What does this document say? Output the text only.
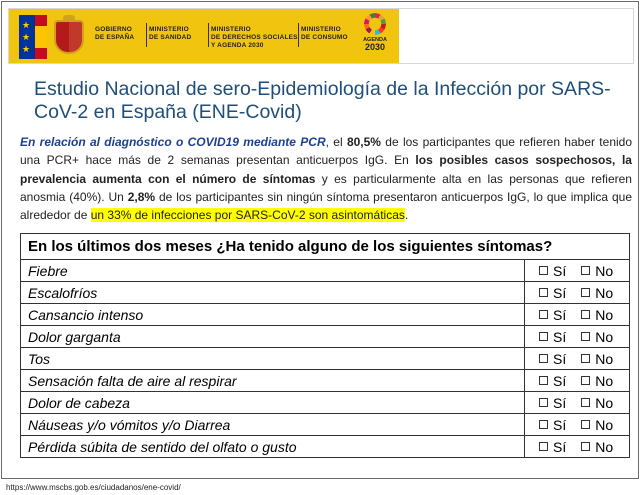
★ ★ ★
GOBIERNO
DE ESPAÑA
MINISTERIO
DE SANIDAD
MINISTERIO
DE DERECHOS SOCIALES
Y AGENDA 2030
MINISTERIO
DE CONSUMO	AGENDA
2030
Estudio Nacional de sero-Epidemiología de la Infección por SARS-CoV-2 en España (ENE-Covid)

En relación al diagnóstico o COVID19 mediante PCR, el 80,5% de los participantes que refieren haber tenido una PCR+ hace más de 2 semanas presentan anticuerpos IgG. En los posibles casos sospechosos, la prevalencia aumenta con el número de síntomas y es particularmente alta en las personas que refieren anosmia (40%). Un 2,8% de los participantes sin ningún síntoma presentaron anticuerpos IgG, lo que implica que alrededor de un 33% de infecciones por SARS-CoV-2 son asintomáticas.

En los últimos dos meses ¿Ha tenido alguno de los siguientes síntomas?	
Fiebre	Sí No

Escalofríos	Sí No

Cansancio intenso	Sí No

Dolor garganta	Sí No

Tos	Sí No

Sensación falta de aire al respirar	Sí No

Dolor de cabeza	Sí No

Náuseas y/o vómitos y/o Diarrea	Sí No

Pérdida súbita de sentido del olfato o gusto	Sí No
https://www.mscbs.gob.es/ciudadanos/ene-covid/
